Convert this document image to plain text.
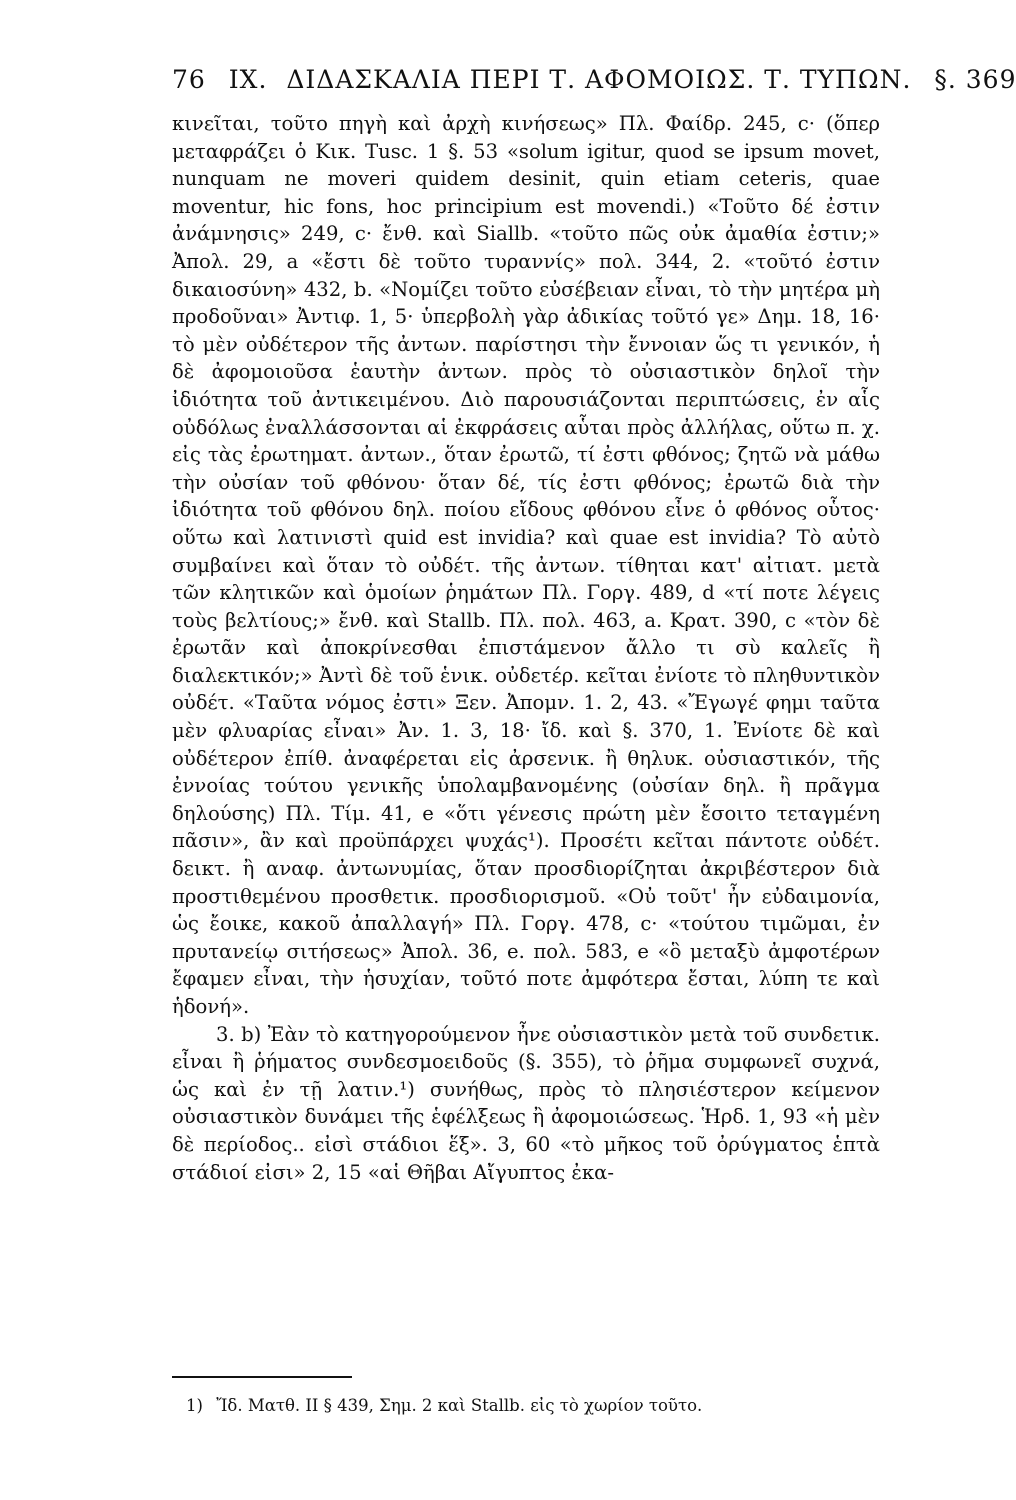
76 IX. ΔΙΔΑΣΚΑΛΙΑ ΠΕΡΙ Τ. ΑΦΟΜΟΙΩΣ. Τ. ΤΥΠΩΝ. §. 369

κινεῖται, τοῦτο πηγὴ καὶ ἀρχὴ κινήσεως» Πλ. Φαίδρ. 245, c· (ὅπερ μεταφράζει ὁ Κικ. Tusc. 1 §. 53 «solum igitur, quod se ipsum movet, nunquam ne moveri quidem desinit, quin etiam ceteris, quae moventur, hic fons, hoc principium est movendi.) «Τοῦτο δέ ἐστιν ἀνάμνησις» 249, c· ἔνθ. καὶ Siallb. «τοῦτο πῶς οὐκ ἀμαθία ἐστιν;» Ἀπολ. 29, a «ἔστι δὲ τοῦτο τυραννίς» πολ. 344, 2. «τοῦτό ἐστιν δικαιοσύνη» 432, b. «Νομίζει τοῦτο εὐσέβειαν εἶναι, τὸ τὴν μητέρα μὴ προδοῦναι» Ἀντιφ. 1, 5· ὑπερβολὴ γὰρ ἀδικίας τοῦτό γε» Δημ. 18, 16· τὸ μὲν οὐδέτερον τῆς ἀντων. παρίστησι τὴν ἔννοιαν ὥς τι γενικόν, ἡ δὲ ἀφομοιοῦσα ἑαυτὴν ἀντων. πρὸς τὸ οὐσιαστικὸν δηλοῖ τὴν ἰδιότητα τοῦ ἀντικειμένου. Διὸ παρουσιάζονται περιπτώσεις, ἐν αἷς οὐδόλως ἐναλλάσσονται αἱ ἐκφράσεις αὗται πρὸς ἀλλήλας, οὕτω π. χ. εἰς τὰς ἐρωτηματ. ἀντων., ὅταν ἐρωτῶ, τί ἐστι φθόνος; ζητῶ νὰ μάθω τὴν οὐσίαν τοῦ φθόνου· ὅταν δέ, τίς ἐστι φθόνος; ἐρωτῶ διὰ τὴν ἰδιότητα τοῦ φθόνου δηλ. ποίου εἴδους φθόνου εἶνε ὁ φθόνος οὗτος· οὕτω καὶ λατινιστὶ quid est invidia? καὶ quae est invidia? Τὸ αὐτὸ συμβαίνει καὶ ὅταν τὸ οὐδέτ. τῆς ἀντων. τίθηται κατ' αἰτιατ. μετὰ τῶν κλητικῶν καὶ ὁμοίων ῥημάτων Πλ. Γοργ. 489, d «τί ποτε λέγεις τοὺς βελτίους;» ἔνθ. καὶ Stallb. Πλ. πολ. 463, a. Κρατ. 390, c «τὸν δὲ ἐρωτᾶν καὶ ἀποκρίνεσθαι ἐπιστάμενον ἄλλο τι σὺ καλεῖς ἢ διαλεκτικόν;» Ἀντὶ δὲ τοῦ ἑνικ. οὐδετέρ. κεῖται ἐνίοτε τὸ πληθυντικὸν οὐδέτ. «Ταῦτα νόμος ἐστι» Ξεν. Ἀπομν. 1. 2, 43. «Ἔγωγέ φημι ταῦτα μὲν φλυαρίας εἶναι» Ἀν. 1. 3, 18· ἴδ. καὶ §. 370, 1. Ἐνίοτε δὲ καὶ οὐδέτερον ἐπίθ. ἀναφέρεται εἰς ἀρσενικ. ἢ θηλυκ. οὐσιαστικόν, τῆς ἐννοίας τούτου γενικῆς ὑπολαμβανομένης (οὐσίαν δηλ. ἢ πρᾶγμα δηλούσης) Πλ. Τίμ. 41, e «ὅτι γένεσις πρώτη μὲν ἔσοιτο τεταγμένη πᾶσιν», ἂν καὶ προϋπάρχει ψυχάς¹). Προσέτι κεῖται πάντοτε οὐδέτ. δεικτ. ἢ αναφ. ἀντωνυμίας, ὅταν προσδιορίζηται ἀκριβέστερον διὰ προστιθεμένου προσθετικ. προσδιορισμοῦ. «Οὐ τοῦτ' ἦν εὐδαιμονία, ὡς ἔοικε, κακοῦ ἀπαλλαγή» Πλ. Γοργ. 478, c· «τούτου τιμῶμαι, ἐν πρυτανείῳ σιτήσεως» Ἀπολ. 36, e. πολ. 583, e «ὃ μεταξὺ ἀμφοτέρων ἔφαμεν εἶναι, τὴν ἡσυχίαν, τοῦτό ποτε ἀμφότερα ἔσται, λύπη τε καὶ ἡδονή».

3. b) Ἐὰν τὸ κατηγορούμενον ἦνε οὐσιαστικὸν μετὰ τοῦ συνδετικ. εἶναι ἢ ῥήματος συνδεσμοειδοῦς (§. 355), τὸ ῥῆμα συμφωνεῖ συχνά, ὡς καὶ ἐν τῇ λατιν.¹) συνήθως, πρὸς τὸ πλησιέστερον κείμενον οὐσιαστικὸν δυνάμει τῆς ἑφέλξεως ἢ ἀφομοιώσεως. Ἡρδ. 1, 93 «ἡ μὲν δὲ περίοδος.. εἰσὶ στάδιοι ἕξ». 3, 60 «τὸ μῆκος τοῦ ὀρύγματος ἑπτὰ στάδιοί εἰσι» 2, 15 «αἱ Θῆβαι Αἴγυπτος ἐκα-

1) Ἴδ. Ματθ. II § 439, Σημ. 2 καὶ Stallb. εἰς τὸ χωρίον τοῦτο.
